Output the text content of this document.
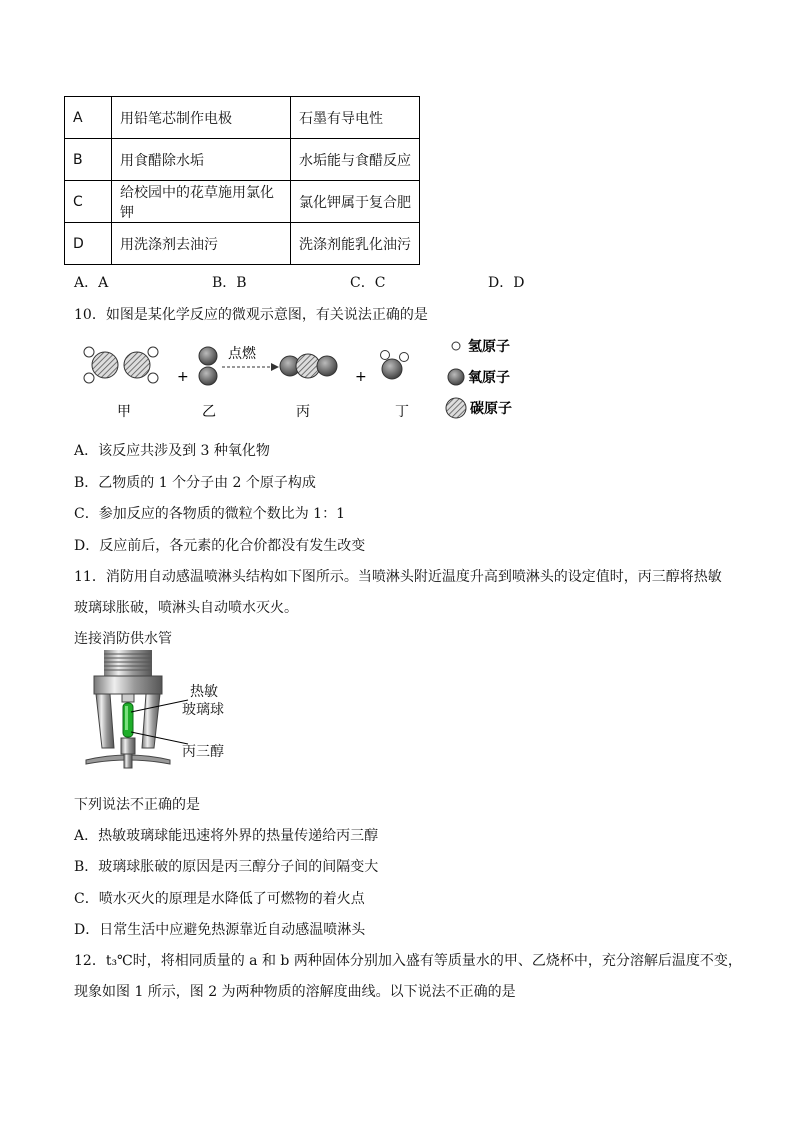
A	用铅笔芯制作电极	石墨有导电性
B	用食醋除水垢	水垢能与食醋反应
C	给校园中的花草施用氯化钾	氯化钾属于复合肥
D	用洗涤剂去油污	洗涤剂能乳化油污
A．A	B．B	C．C	D．D
10．如图是某化学反应的微观示意图，有关说法正确的是
+
点燃
+
甲	乙	丙	丁
氢原子
氧原子
碳原子
A．该反应共涉及到 3 种氧化物
B．乙物质的 1 个分子由 2 个原子构成
C．参加反应的各物质的微粒个数比为 1：1
D．反应前后，各元素的化合价都没有发生改变
11．消防用自动感温喷淋头结构如下图所示。当喷淋头附近温度升高到喷淋头的设定值时，丙三醇将热敏
玻璃球胀破，喷淋头自动喷水灭火。
连接消防供水管
热敏
玻璃球
丙三醇
下列说法不正确的是
A．热敏玻璃球能迅速将外界的热量传递给丙三醇
B．玻璃球胀破的原因是丙三醇分子间的间隔变大
C．喷水灭火的原理是水降低了可燃物的着火点
D．日常生活中应避免热源靠近自动感温喷淋头
12．t₃℃时，将相同质量的 a 和 b 两种固体分别加入盛有等质量水的甲、乙烧杯中，充分溶解后温度不变，
现象如图 1 所示，图 2 为两种物质的溶解度曲线。以下说法不正确的是
